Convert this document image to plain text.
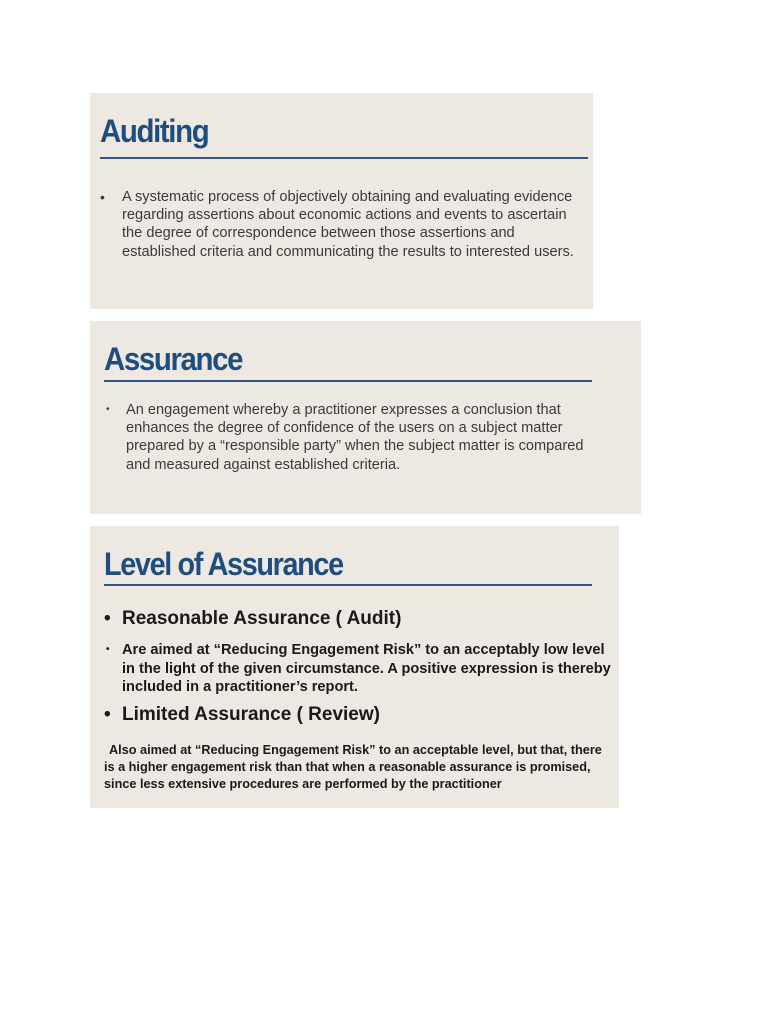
Auditing

• A systematic process of objectively obtaining and evaluating evidence regarding assertions about economic actions and events to ascertain the degree of correspondence between those assertions and established criteria and communicating the results to interested users.

Assurance

• An engagement whereby a practitioner expresses a conclusion that enhances the degree of confidence of the users on a subject matter prepared by a “responsible party” when the subject matter is compared and measured against established criteria.

Level of Assurance

• Reasonable Assurance ( Audit)

• Are aimed at “Reducing Engagement Risk” to an acceptably low level in the light of the given circumstance. A positive expression is thereby included in a practitioner’s report.

• Limited Assurance ( Review)

Also aimed at “Reducing Engagement Risk” to an acceptable level, but that, there is a higher engagement risk than that when a reasonable assurance is promised, since less extensive procedures are performed by the practitioner
